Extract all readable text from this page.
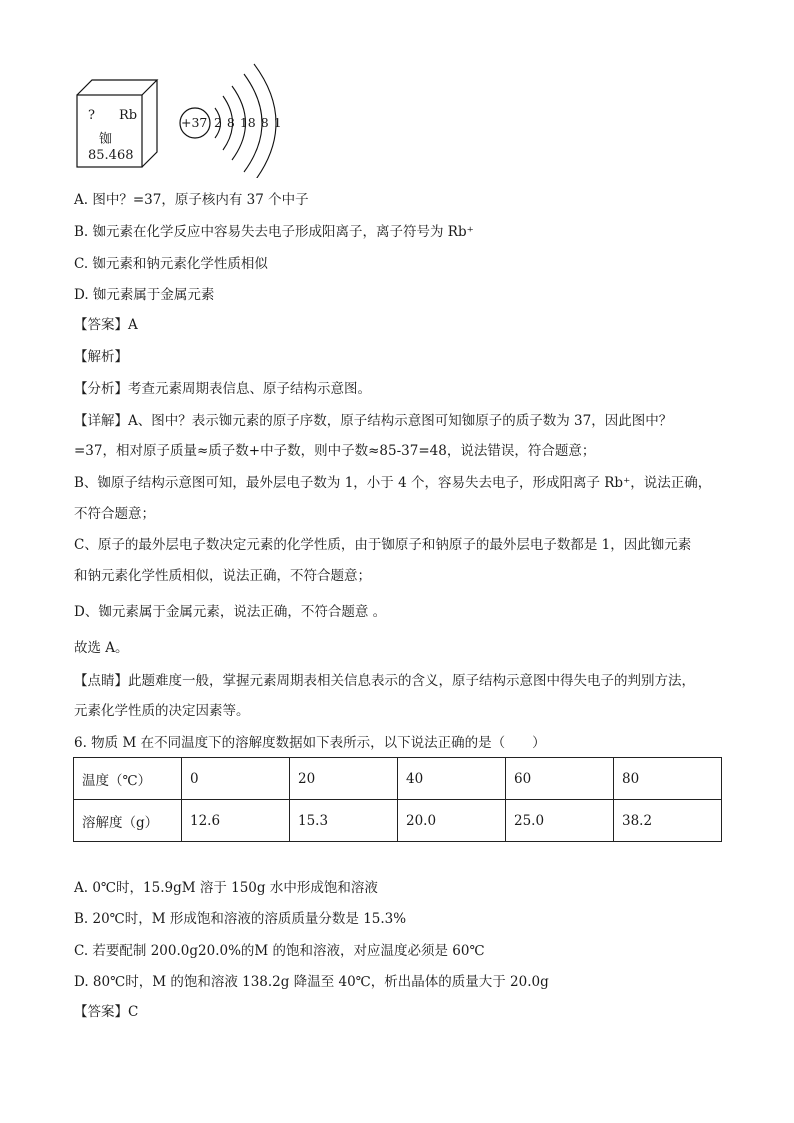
? Rb
铷
85.468
+37 2 8 18 8 1
A. 图中？=37，原子核内有 37 个中子
B. 铷元素在化学反应中容易失去电子形成阳离子，离子符号为 Rb⁺
C. 铷元素和钠元素化学性质相似
D. 铷元素属于金属元素
【答案】A
【解析】
【分析】考查元素周期表信息、原子结构示意图。
【详解】A、图中？表示铷元素的原子序数，原子结构示意图可知铷原子的质子数为 37，因此图中？
=37，相对原子质量≈质子数+中子数，则中子数≈85-37=48，说法错误，符合题意；
B、铷原子结构示意图可知，最外层电子数为 1，小于 4 个，容易失去电子，形成阳离子 Rb⁺，说法正确，
不符合题意；
C、原子的最外层电子数决定元素的化学性质，由于铷原子和钠原子的最外层电子数都是 1，因此铷元素
和钠元素化学性质相似，说法正确，不符合题意；
D、铷元素属于金属元素，说法正确，不符合题意 。
故选 A。
【点睛】此题难度一般，掌握元素周期表相关信息表示的含义，原子结构示意图中得失电子的判别方法，
元素化学性质的决定因素等。
6. 物质 M 在不同温度下的溶解度数据如下表所示，以下说法正确的是（　　）
温度（℃）	0	20	40	60	80
溶解度（g）	12.6	15.3	20.0	25.0	38.2
A. 0℃时，15.9gM 溶于 150g 水中形成饱和溶液
B. 20℃时，M 形成饱和溶液的溶质质量分数是 15.3%
C. 若要配制 200.0g20.0%的M 的饱和溶液，对应温度必须是 60℃
D. 80℃时，M 的饱和溶液 138.2g 降温至 40℃，析出晶体的质量大于 20.0g
【答案】C
